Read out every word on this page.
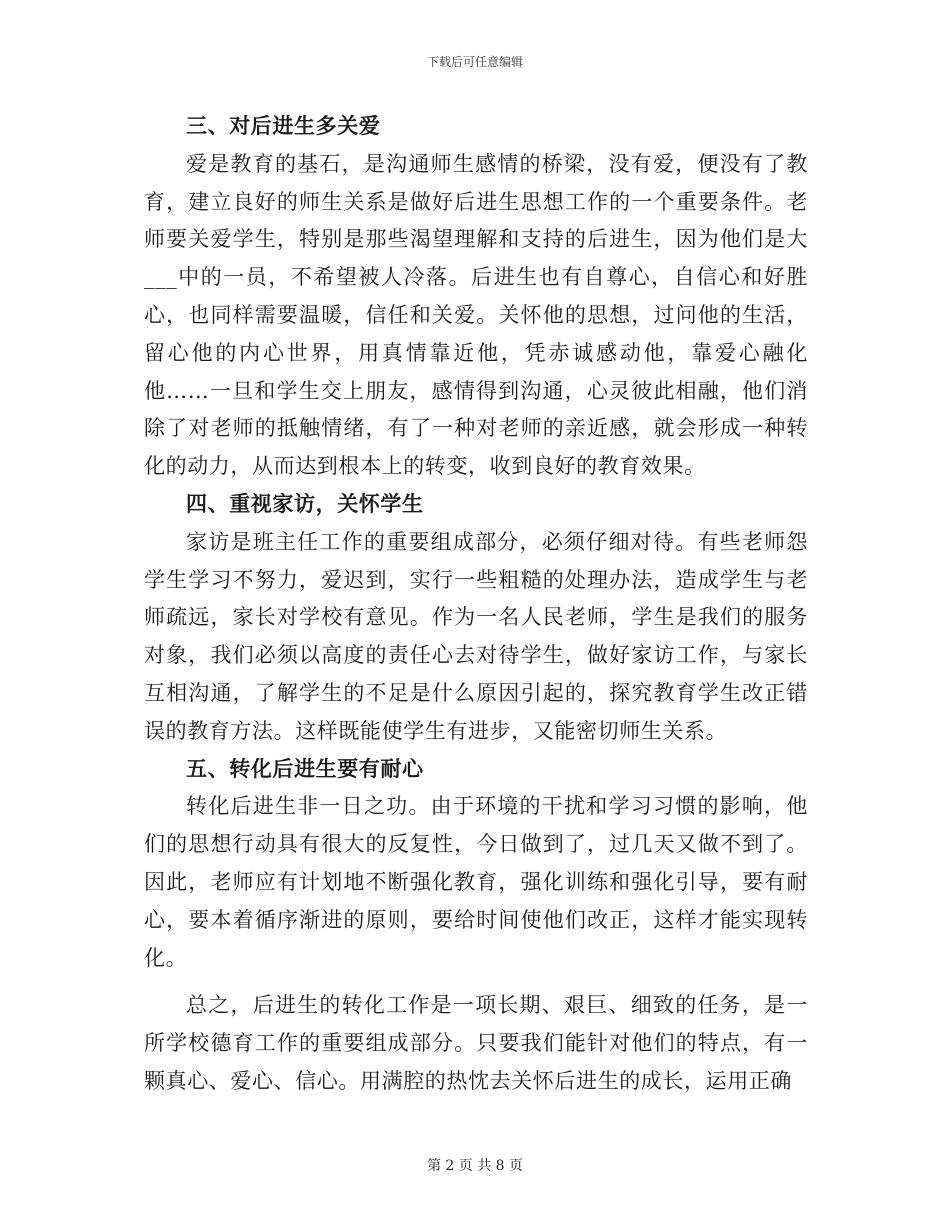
下载后可任意编辑
三、对后进生多关爱

爱是教育的基石，是沟通师生感情的桥梁，没有爱，便没有了教育，建立良好的师生关系是做好后进生思想工作的一个重要条件。老师要关爱学生，特别是那些渴望理解和支持的后进生，因为他们是大___中的一员，不希望被人冷落。后进生也有自尊心，自信心和好胜心，也同样需要温暖，信任和关爱。关怀他的思想，过问他的生活，留心他的内心世界，用真情靠近他，凭赤诚感动他，靠爱心融化他……一旦和学生交上朋友，感情得到沟通，心灵彼此相融，他们消除了对老师的抵触情绪，有了一种对老师的亲近感，就会形成一种转化的动力，从而达到根本上的转变，收到良好的教育效果。

四、重视家访，关怀学生

家访是班主任工作的重要组成部分，必须仔细对待。有些老师怨学生学习不努力，爱迟到，实行一些粗糙的处理办法，造成学生与老师疏远，家长对学校有意见。作为一名人民老师，学生是我们的服务对象，我们必须以高度的责任心去对待学生，做好家访工作，与家长互相沟通，了解学生的不足是什么原因引起的，探究教育学生改正错误的教育方法。这样既能使学生有进步，又能密切师生关系。

五、转化后进生要有耐心

转化后进生非一日之功。由于环境的干扰和学习习惯的影响，他们的思想行动具有很大的反复性，今日做到了，过几天又做不到了。因此，老师应有计划地不断强化教育，强化训练和强化引导，要有耐心，要本着循序渐进的原则，要给时间使他们改正，这样才能实现转化。

总之，后进生的转化工作是一项长期、艰巨、细致的任务，是一所学校德育工作的重要组成部分。只要我们能针对他们的特点，有一颗真心、爱心、信心。用满腔的热忱去关怀后进生的成长，运用正确

第 2 页 共 8 页
